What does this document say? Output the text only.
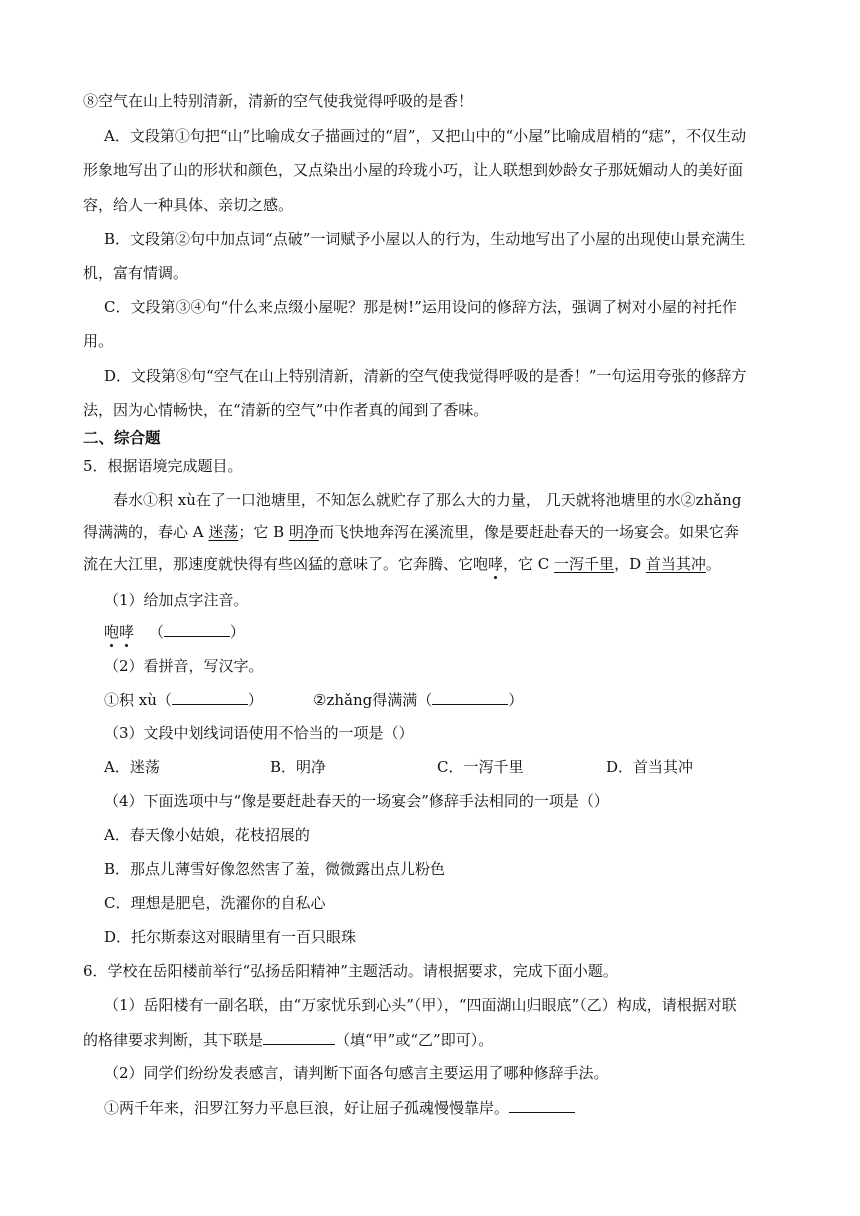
⑧空气在山上特别清新，清新的空气使我觉得呼吸的是香！
A．文段第①句把“山”比喻成女子描画过的“眉”，又把山中的“小屋”比喻成眉梢的“痣”，不仅生动
形象地写出了山的形状和颜色，又点染出小屋的玲珑小巧，让人联想到妙龄女子那妩媚动人的美好面
容，给人一种具体、亲切之感。
B．文段第②句中加点词“点破”一词赋予小屋以人的行为，生动地写出了小屋的出现使山景充满生
机，富有情调。
C．文段第③④句“什么来点缀小屋呢？那是树!”运用设问的修辞方法，强调了树对小屋的衬托作
用。
D．文段第⑧句“空气在山上特别清新，清新的空气使我觉得呼吸的是香！”一句运用夸张的修辞方
法，因为心情畅快，在“清新的空气”中作者真的闻到了香味。
二、综合题
5．根据语境完成题目。
春水①积 xù在了一口池塘里，不知怎么就贮存了那么大的力量， 几天就将池塘里的水②zhǎng
得满满的，春心 A 迷荡；它 B 明净而飞快地奔泻在溪流里，像是要赶赴春天的一场宴会。如果它奔
流在大江里，那速度就快得有些凶猛的意味了。它奔腾、它咆哮，它 C 一泻千里，D 首当其冲。
（1）给加点字注音。
咆哮 （	）
（2）看拼音，写汉字。
①积 xù（	）	②zhǎng得满满（	）
（3）文段中划线词语使用不恰当的一项是（）
A．迷荡	B．明净	C．一泻千里	D．首当其冲
（4）下面选项中与“像是要赶赴春天的一场宴会”修辞手法相同的一项是（）
A．春天像小姑娘，花枝招展的
B．那点儿薄雪好像忽然害了羞，微微露出点儿粉色
C．理想是肥皂，洗濯你的自私心
D．托尔斯泰这对眼睛里有一百只眼珠
6．学校在岳阳楼前举行“弘扬岳阳精神”主题活动。请根据要求，完成下面小题。
（1）岳阳楼有一副名联，由“万家忧乐到心头”（甲），“四面湖山归眼底”（乙）构成，请根据对联
的格律要求判断，其下联是	（填“甲”或“乙”即可）。
（2）同学们纷纷发表感言，请判断下面各句感言主要运用了哪种修辞手法。
①两千年来，汨罗江努力平息巨浪，好让屈子孤魂慢慢靠岸。
